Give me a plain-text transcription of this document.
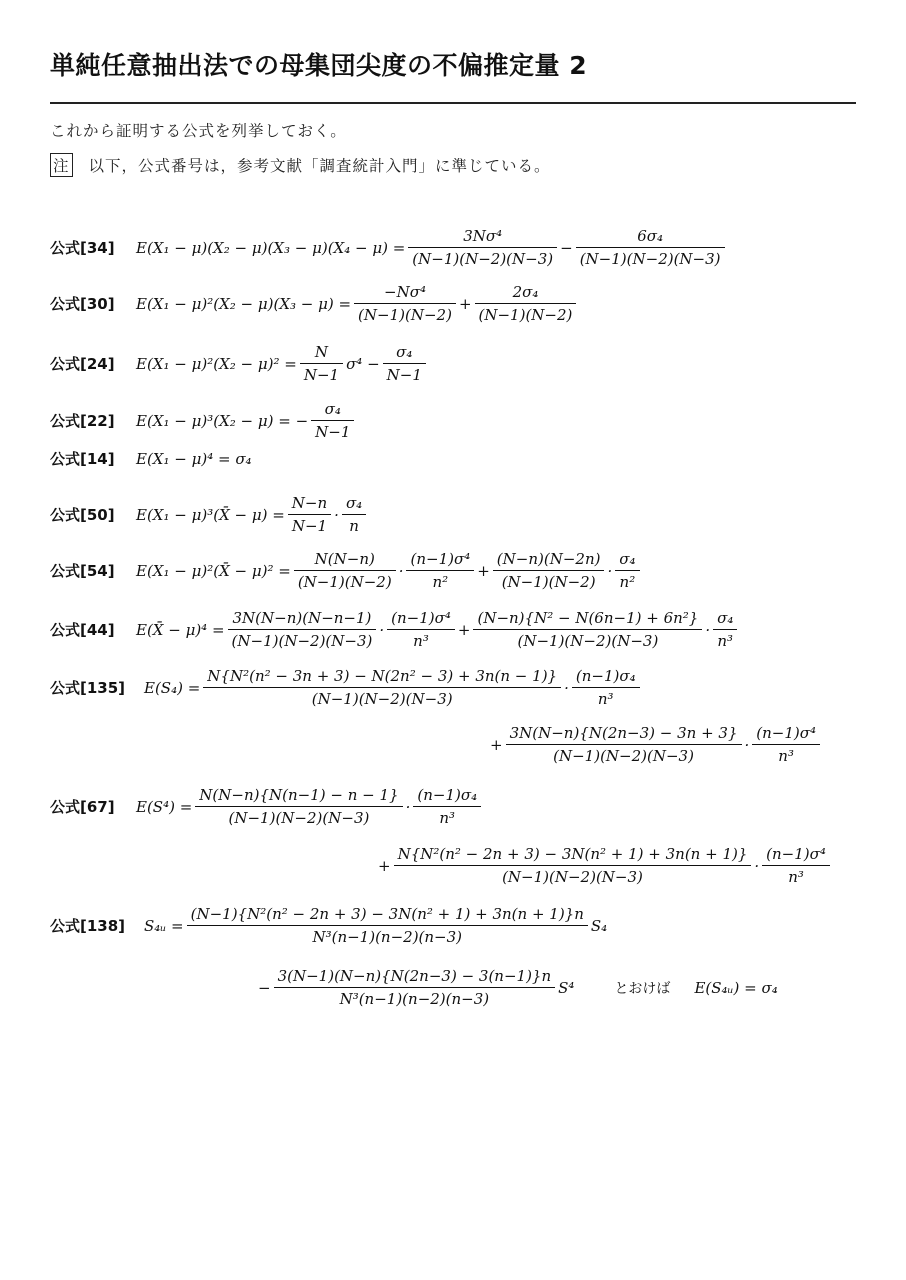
単純任意抽出法での母集団尖度の不偏推定量 2
これから証明する公式を列挙しておく。
注 以下，公式番号は，参考文献「調査統計入門」に準じている。
公式[34]	E(X₁ − μ)(X₂ − μ)(X₃ − μ)(X₄ − μ) =
3Nσ⁴
(N−1)(N−2)(N−3)
−
6σ₄
(N−1)(N−2)(N−3)
公式[30]	E(X₁ − μ)²(X₂ − μ)(X₃ − μ) =
−Nσ⁴
(N−1)(N−2)
+
2σ₄
(N−1)(N−2)
公式[24]	E(X₁ − μ)²(X₂ − μ)² =
N
N−1
σ⁴ −
σ₄
N−1
公式[22]	E(X₁ − μ)³(X₂ − μ) = −
σ₄
N−1
公式[14]	E(X₁ − μ)⁴ = σ₄
公式[50]	E(X₁ − μ)³(X̄ − μ) =
N−n
N−1
·
σ₄
n
公式[54]	E(X₁ − μ)²(X̄ − μ)² =
N(N−n)
(N−1)(N−2)
·
(n−1)σ⁴
n²
+
(N−n)(N−2n)
(N−1)(N−2)
·
σ₄
n²
公式[44]	E(X̄ − μ)⁴ =
3N(N−n)(N−n−1)
(N−1)(N−2)(N−3)
·
(n−1)σ⁴
n³
+
(N−n){N² − N(6n−1) + 6n²}
(N−1)(N−2)(N−3)
·
σ₄
n³
公式[135]	E(S₄) =
N{N²(n² − 3n + 3) − N(2n² − 3) + 3n(n − 1)}
(N−1)(N−2)(N−3)
·
(n−1)σ₄
n³
+
3N(N−n){N(2n−3) − 3n + 3}
(N−1)(N−2)(N−3)
·
(n−1)σ⁴
n³
公式[67]	E(S⁴) =
N(N−n){N(n−1) − n − 1}
(N−1)(N−2)(N−3)
·
(n−1)σ₄
n³
+
N{N²(n² − 2n + 3) − 3N(n² + 1) + 3n(n + 1)}
(N−1)(N−2)(N−3)
·
(n−1)σ⁴
n³
公式[138]	S₄ᵤ =
(N−1){N²(n² − 2n + 3) − 3N(n² + 1) + 3n(n + 1)}n
N³(n−1)(n−2)(n−3)
S₄
−
3(N−1)(N−n){N(2n−3) − 3(n−1)}n
N³(n−1)(n−2)(n−3)
S⁴	とおけば E(S₄ᵤ) = σ₄
